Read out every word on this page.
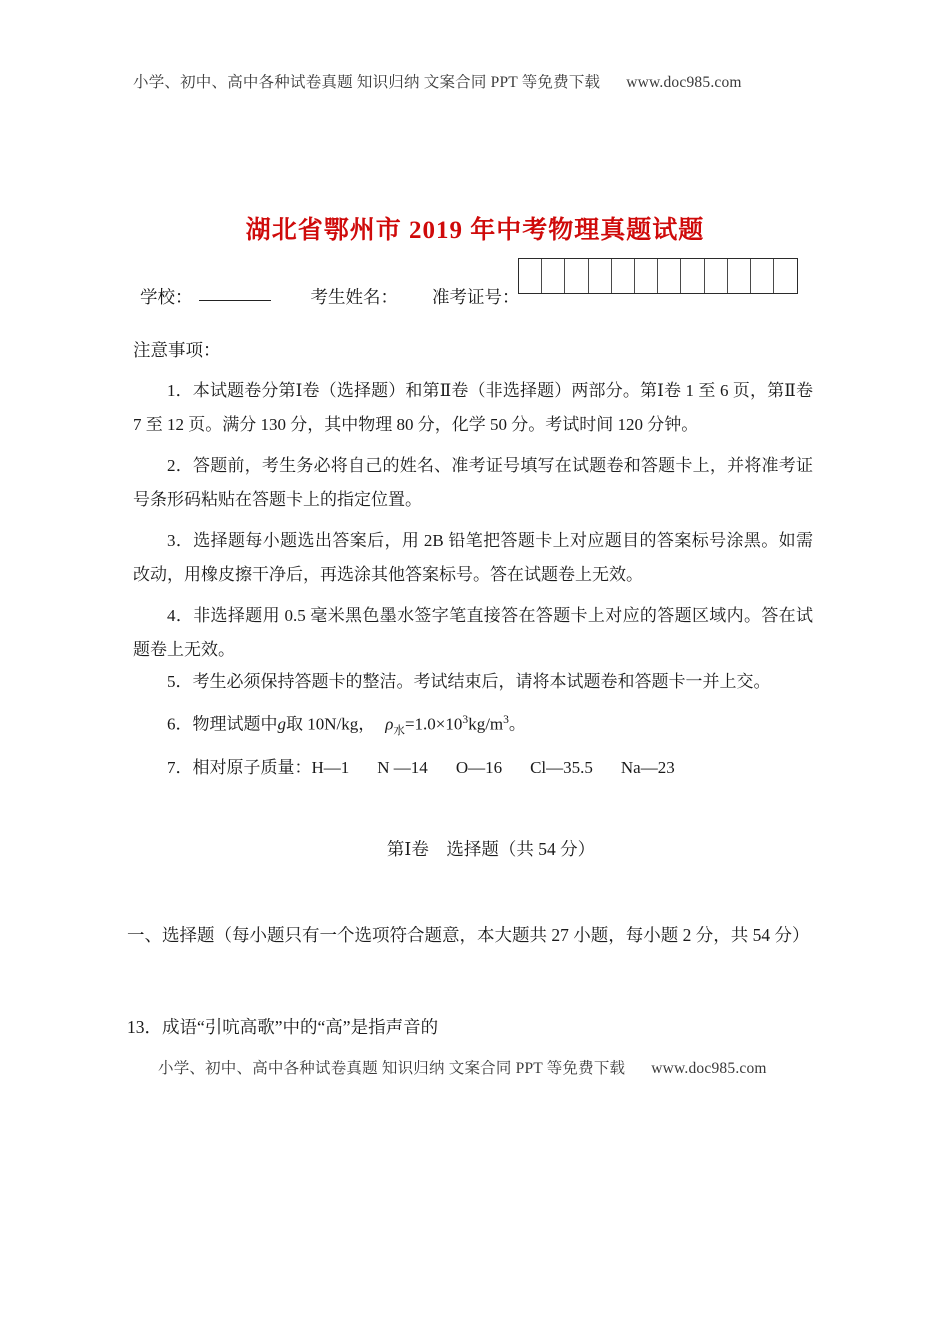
小学、初中、高中各种试卷真题 知识归纳 文案合同 PPT 等免费下载 www.doc985.com
湖北省鄂州市 2019 年中考物理真题试题
学校：	考生姓名： 准考证号：
注意事项：
1．本试题卷分第Ⅰ卷（选择题）和第Ⅱ卷（非选择题）两部分。第Ⅰ卷 1 至 6 页，第Ⅱ卷 7 至 12 页。满分 130 分，其中物理 80 分，化学 50 分。考试时间 120 分钟。
2．答题前，考生务必将自己的姓名、准考证号填写在试题卷和答题卡上，并将准考证号条形码粘贴在答题卡上的指定位置。
3．选择题每小题选出答案后，用 2B 铅笔把答题卡上对应题目的答案标号涂黑。如需改动，用橡皮擦干净后，再选涂其他答案标号。答在试题卷上无效。
4．非选择题用 0.5 毫米黑色墨水签字笔直接答在答题卡上对应的答题区域内。答在试题卷上无效。
5．考生必须保持答题卡的整洁。考试结束后，请将本试题卷和答题卡一并上交。
6．物理试题中g取 10N/kg， $\rho_水=1.0\times 10^3kg/m^3$。
7．相对原子质量：H—1 N —14 O—16 Cl—35.5 Na—23
第Ⅰ卷　选择题（共 54 分）
一、选择题（每小题只有一个选项符合题意，本大题共 27 小题，每小题 2 分，共 54 分）
13．成语“引吭高歌”中的“高”是指声音的
小学、初中、高中各种试卷真题 知识归纳 文案合同 PPT 等免费下载 www.doc985.com
